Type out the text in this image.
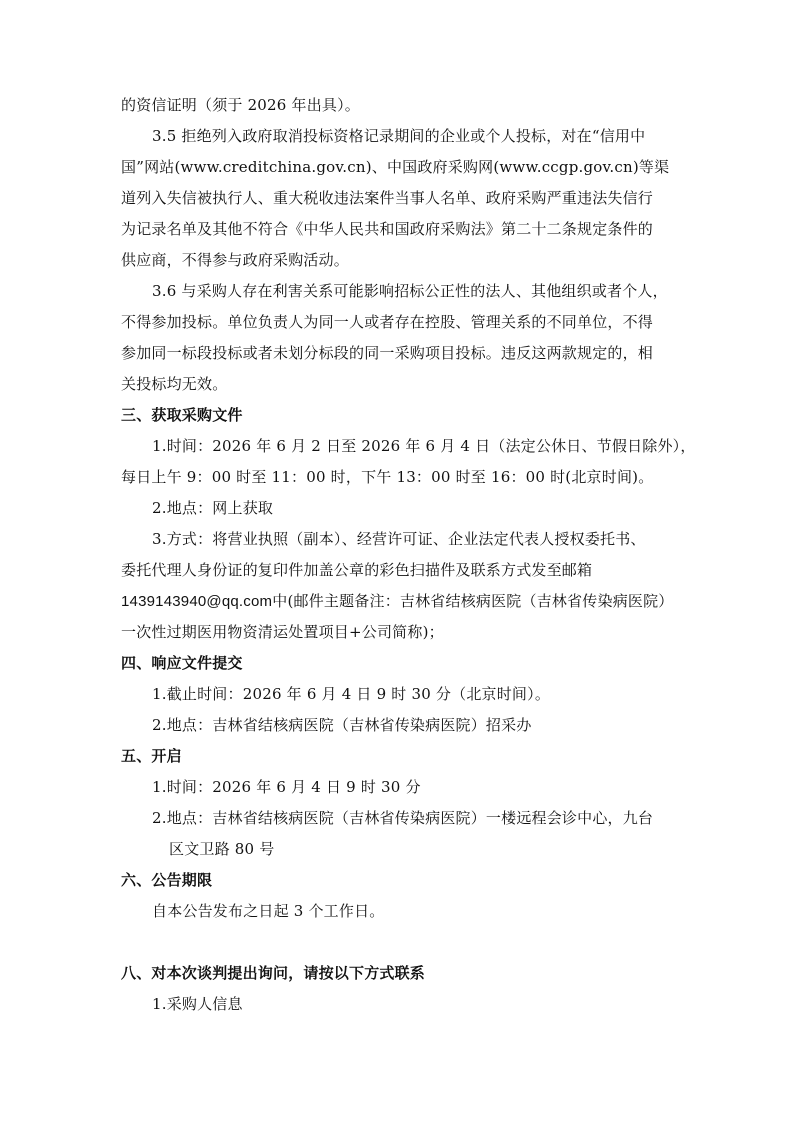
的资信证明（须于 2026 年出具）。
3.5 拒绝列入政府取消投标资格记录期间的企业或个人投标，对在“信用中
国”网站(www.creditchina.gov.cn)、中国政府采购网(www.ccgp.gov.cn)等渠
道列入失信被执行人、重大税收违法案件当事人名单、政府采购严重违法失信行
为记录名单及其他不符合《中华人民共和国政府采购法》第二十二条规定条件的
供应商，不得参与政府采购活动。
3.6 与采购人存在利害关系可能影响招标公正性的法人、其他组织或者个人，
不得参加投标。单位负责人为同一人或者存在控股、管理关系的不同单位，不得
参加同一标段投标或者未划分标段的同一采购项目投标。违反这两款规定的，相
关投标均无效。
三、获取采购文件
1.时间：2026 年 6 月 2 日至 2026 年 6 月 4 日（法定公休日、节假日除外），
每日上午 9：00 时至 11：00 时，下午 13：00 时至 16：00 时(北京时间)。
2.地点：网上获取
3.方式：将营业执照（副本）、经营许可证、企业法定代表人授权委托书、
委托代理人身份证的复印件加盖公章的彩色扫描件及联系方式发至邮箱
1439143940@qq.com中(邮件主题备注：吉林省结核病医院（吉林省传染病医院）
一次性过期医用物资清运处置项目+公司简称)；
四、响应文件提交
1.截止时间：2026 年 6 月 4 日 9 时 30 分（北京时间）。
2.地点：吉林省结核病医院（吉林省传染病医院）招采办
五、开启
1.时间：2026 年 6 月 4 日 9 时 30 分
2.地点：吉林省结核病医院（吉林省传染病医院）一楼远程会诊中心，九台
区文卫路 80 号
六、公告期限
自本公告发布之日起 3 个工作日。
八、对本次谈判提出询问，请按以下方式联系
1.采购人信息
